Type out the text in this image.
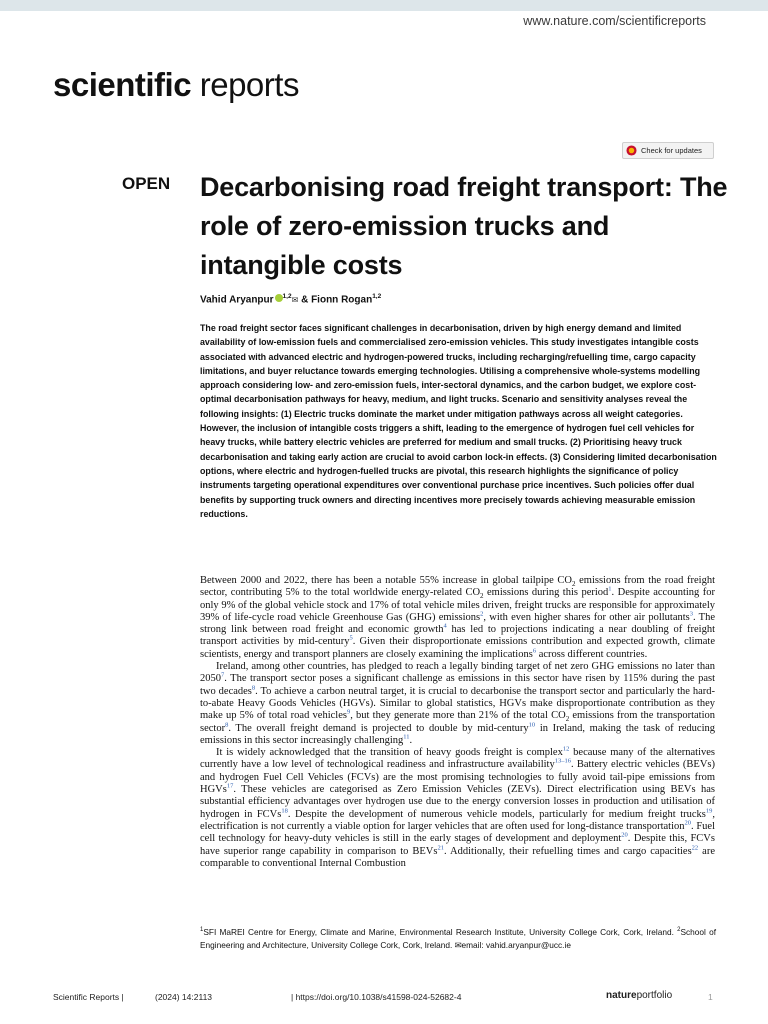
www.nature.com/scientificreports
scientific reports
Check for updates
OPEN Decarbonising road freight transport: The role of zero-emission trucks and intangible costs
Vahid Aryanpur $^{1,2}$✉ & Fionn Rogan$^{1,2}$

The road freight sector faces significant challenges in decarbonisation, driven by high energy demand and limited availability of low-emission fuels and commercialised zero-emission vehicles. This study investigates intangible costs associated with advanced electric and hydrogen-powered trucks, including recharging/refuelling time, cargo capacity limitations, and buyer reluctance towards emerging technologies. Utilising a comprehensive whole-systems modelling approach considering low- and zero-emission fuels, inter-sectoral dynamics, and the carbon budget, we explore cost-optimal decarbonisation pathways for heavy, medium, and light trucks. Scenario and sensitivity analyses reveal the following insights: (1) Electric trucks dominate the market under mitigation pathways across all weight categories. However, the inclusion of intangible costs triggers a shift, leading to the emergence of hydrogen fuel cell vehicles for heavy trucks, while battery electric vehicles are preferred for medium and small trucks. (2) Prioritising heavy truck decarbonisation and taking early action are crucial to avoid carbon lock-in effects. (3) Considering limited decarbonisation options, where electric and hydrogen-fuelled trucks are pivotal, this research highlights the significance of policy instruments targeting operational expenditures over conventional purchase price incentives. Such policies offer dual benefits by supporting truck owners and directing incentives more precisely towards achieving measurable emission reductions.

Between 2000 and 2022, there has been a notable 55% increase in global tailpipe $CO_2$ emissions from the road freight sector, contributing 5% to the total worldwide energy-related $CO_2$ emissions during this period$^1$. Despite accounting for only 9% of the global vehicle stock and 17% of total vehicle miles driven, freight trucks are responsible for approximately 39% of life-cycle road vehicle Greenhouse Gas (GHG) emissions$^2$, with even higher shares for other air pollutants$^3$. The strong link between road freight and economic growth$^4$ has led to projections indicating a near doubling of freight transport activities by mid-century$^5$. Given their disproportionate emissions contribution and expected growth, climate scientists, energy and transport planners are closely examining the implications$^6$ across different countries.

Ireland, among other countries, has pledged to reach a legally binding target of net zero GHG emissions no later than 2050$^7$. The transport sector poses a significant challenge as emissions in this sector have risen by 115% during the past two decades$^8$. To achieve a carbon neutral target, it is crucial to decarbonise the transport sector and particularly the hard-to-abate Heavy Goods Vehicles (HGVs). Similar to global statistics, HGVs make disproportionate contribution as they make up 5% of total road vehicles$^9$, but they generate more than 21% of the total $CO_2$ emissions from the transportation sector$^8$. The overall freight demand is projected to double by mid-century$^{10}$ in Ireland, making the task of reducing emissions in this sector increasingly challenging$^{11}$.

It is widely acknowledged that the transition of heavy goods freight is complex$^{12}$ because many of the alternatives currently have a low level of technological readiness and infrastructure availability$^{13-16}$. Battery electric vehicles (BEVs) and hydrogen Fuel Cell Vehicles (FCVs) are the most promising technologies to fully avoid tail-pipe emissions from HGVs$^{17}$. These vehicles are categorised as Zero Emission Vehicles (ZEVs). Direct electrification using BEVs has substantial efficiency advantages over hydrogen use due to the energy conversion losses in production and utilisation of hydrogen in FCVs$^{18}$. Despite the development of numerous vehicle models, particularly for medium freight trucks$^{19}$, electrification is not currently a viable option for larger vehicles that are often used for long-distance transportation$^{20}$. Fuel cell technology for heavy-duty vehicles is still in the early stages of development and deployment$^{20}$. Despite this, FCVs have superior range capability in comparison to BEVs$^{21}$. Additionally, their refuelling times and cargo capacities$^{22}$ are comparable to conventional Internal Combustion

$^1$SFI MaREI Centre for Energy, Climate and Marine, Environmental Research Institute, University College Cork, Cork, Ireland. $^2$School of Engineering and Architecture, University College Cork, Cork, Ireland. ✉email: vahid.aryanpur@ucc.ie
Scientific Reports |	(2024) 14:2113	| https://doi.org/10.1038/s41598-024-52682-4	natureportfolio	1
